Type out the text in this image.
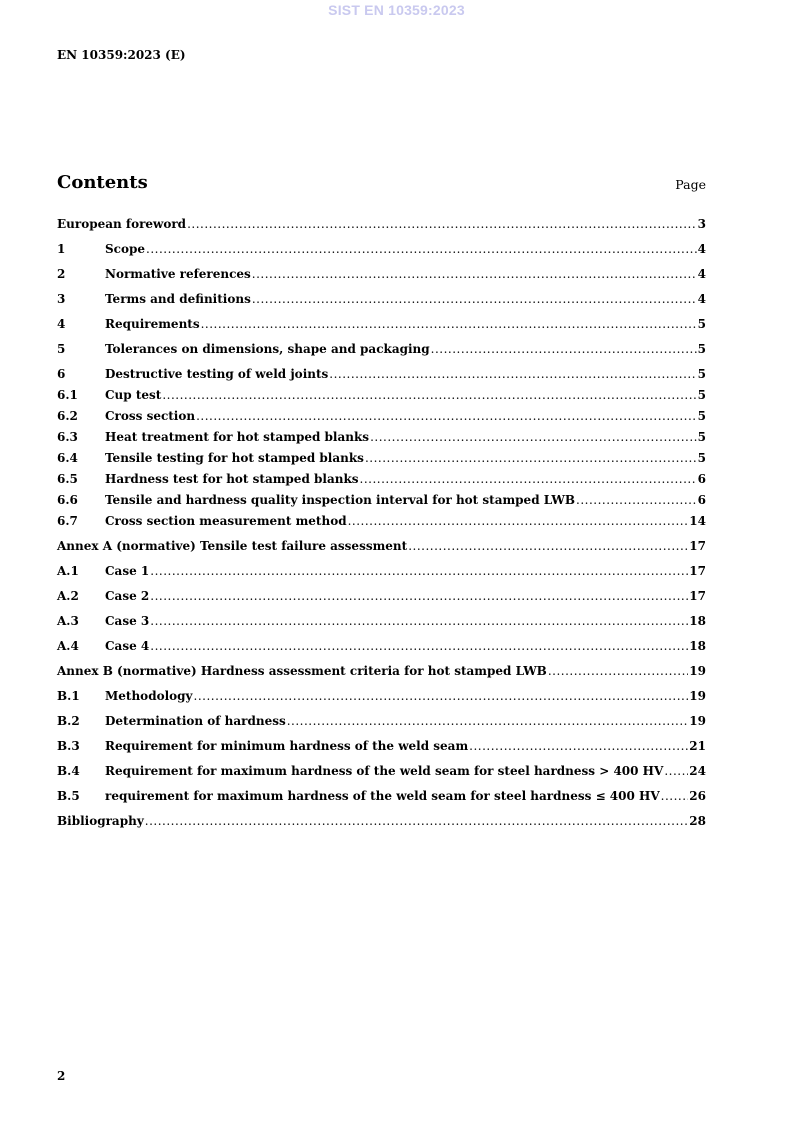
SIST EN 10359:2023
EN 10359:2023 (E)
Contents	Page
European foreword .....	3
1	Scope .....	4
2	Normative references .....	4
3	Terms and definitions .....	4
4	Requirements .....	5
5	Tolerances on dimensions, shape and packaging .....	5
6	Destructive testing of weld joints .....	5
6.1	Cup test .....	5
6.2	Cross section .....	5
6.3	Heat treatment for hot stamped blanks .....	5
6.4	Tensile testing for hot stamped blanks .....	5
6.5	Hardness test for hot stamped blanks .....	6
6.6	Tensile and hardness quality inspection interval for hot stamped LWB .....	6
6.7	Cross section measurement method .....	14
Annex A (normative) Tensile test failure assessment .....	17
A.1	Case 1 .....	17
A.2	Case 2 .....	17
A.3	Case 3 .....	18
A.4	Case 4 .....	18
Annex B (normative) Hardness assessment criteria for hot stamped LWB .....	19
B.1	Methodology .....	19
B.2	Determination of hardness .....	19
B.3	Requirement for minimum hardness of the weld seam .....	21
B.4	Requirement for maximum hardness of the weld seam for steel hardness > 400 HV ..... 24
B.5	requirement for maximum hardness of the weld seam for steel hardness ≤ 400 HV ..... 26
Bibliography .....	28
2
